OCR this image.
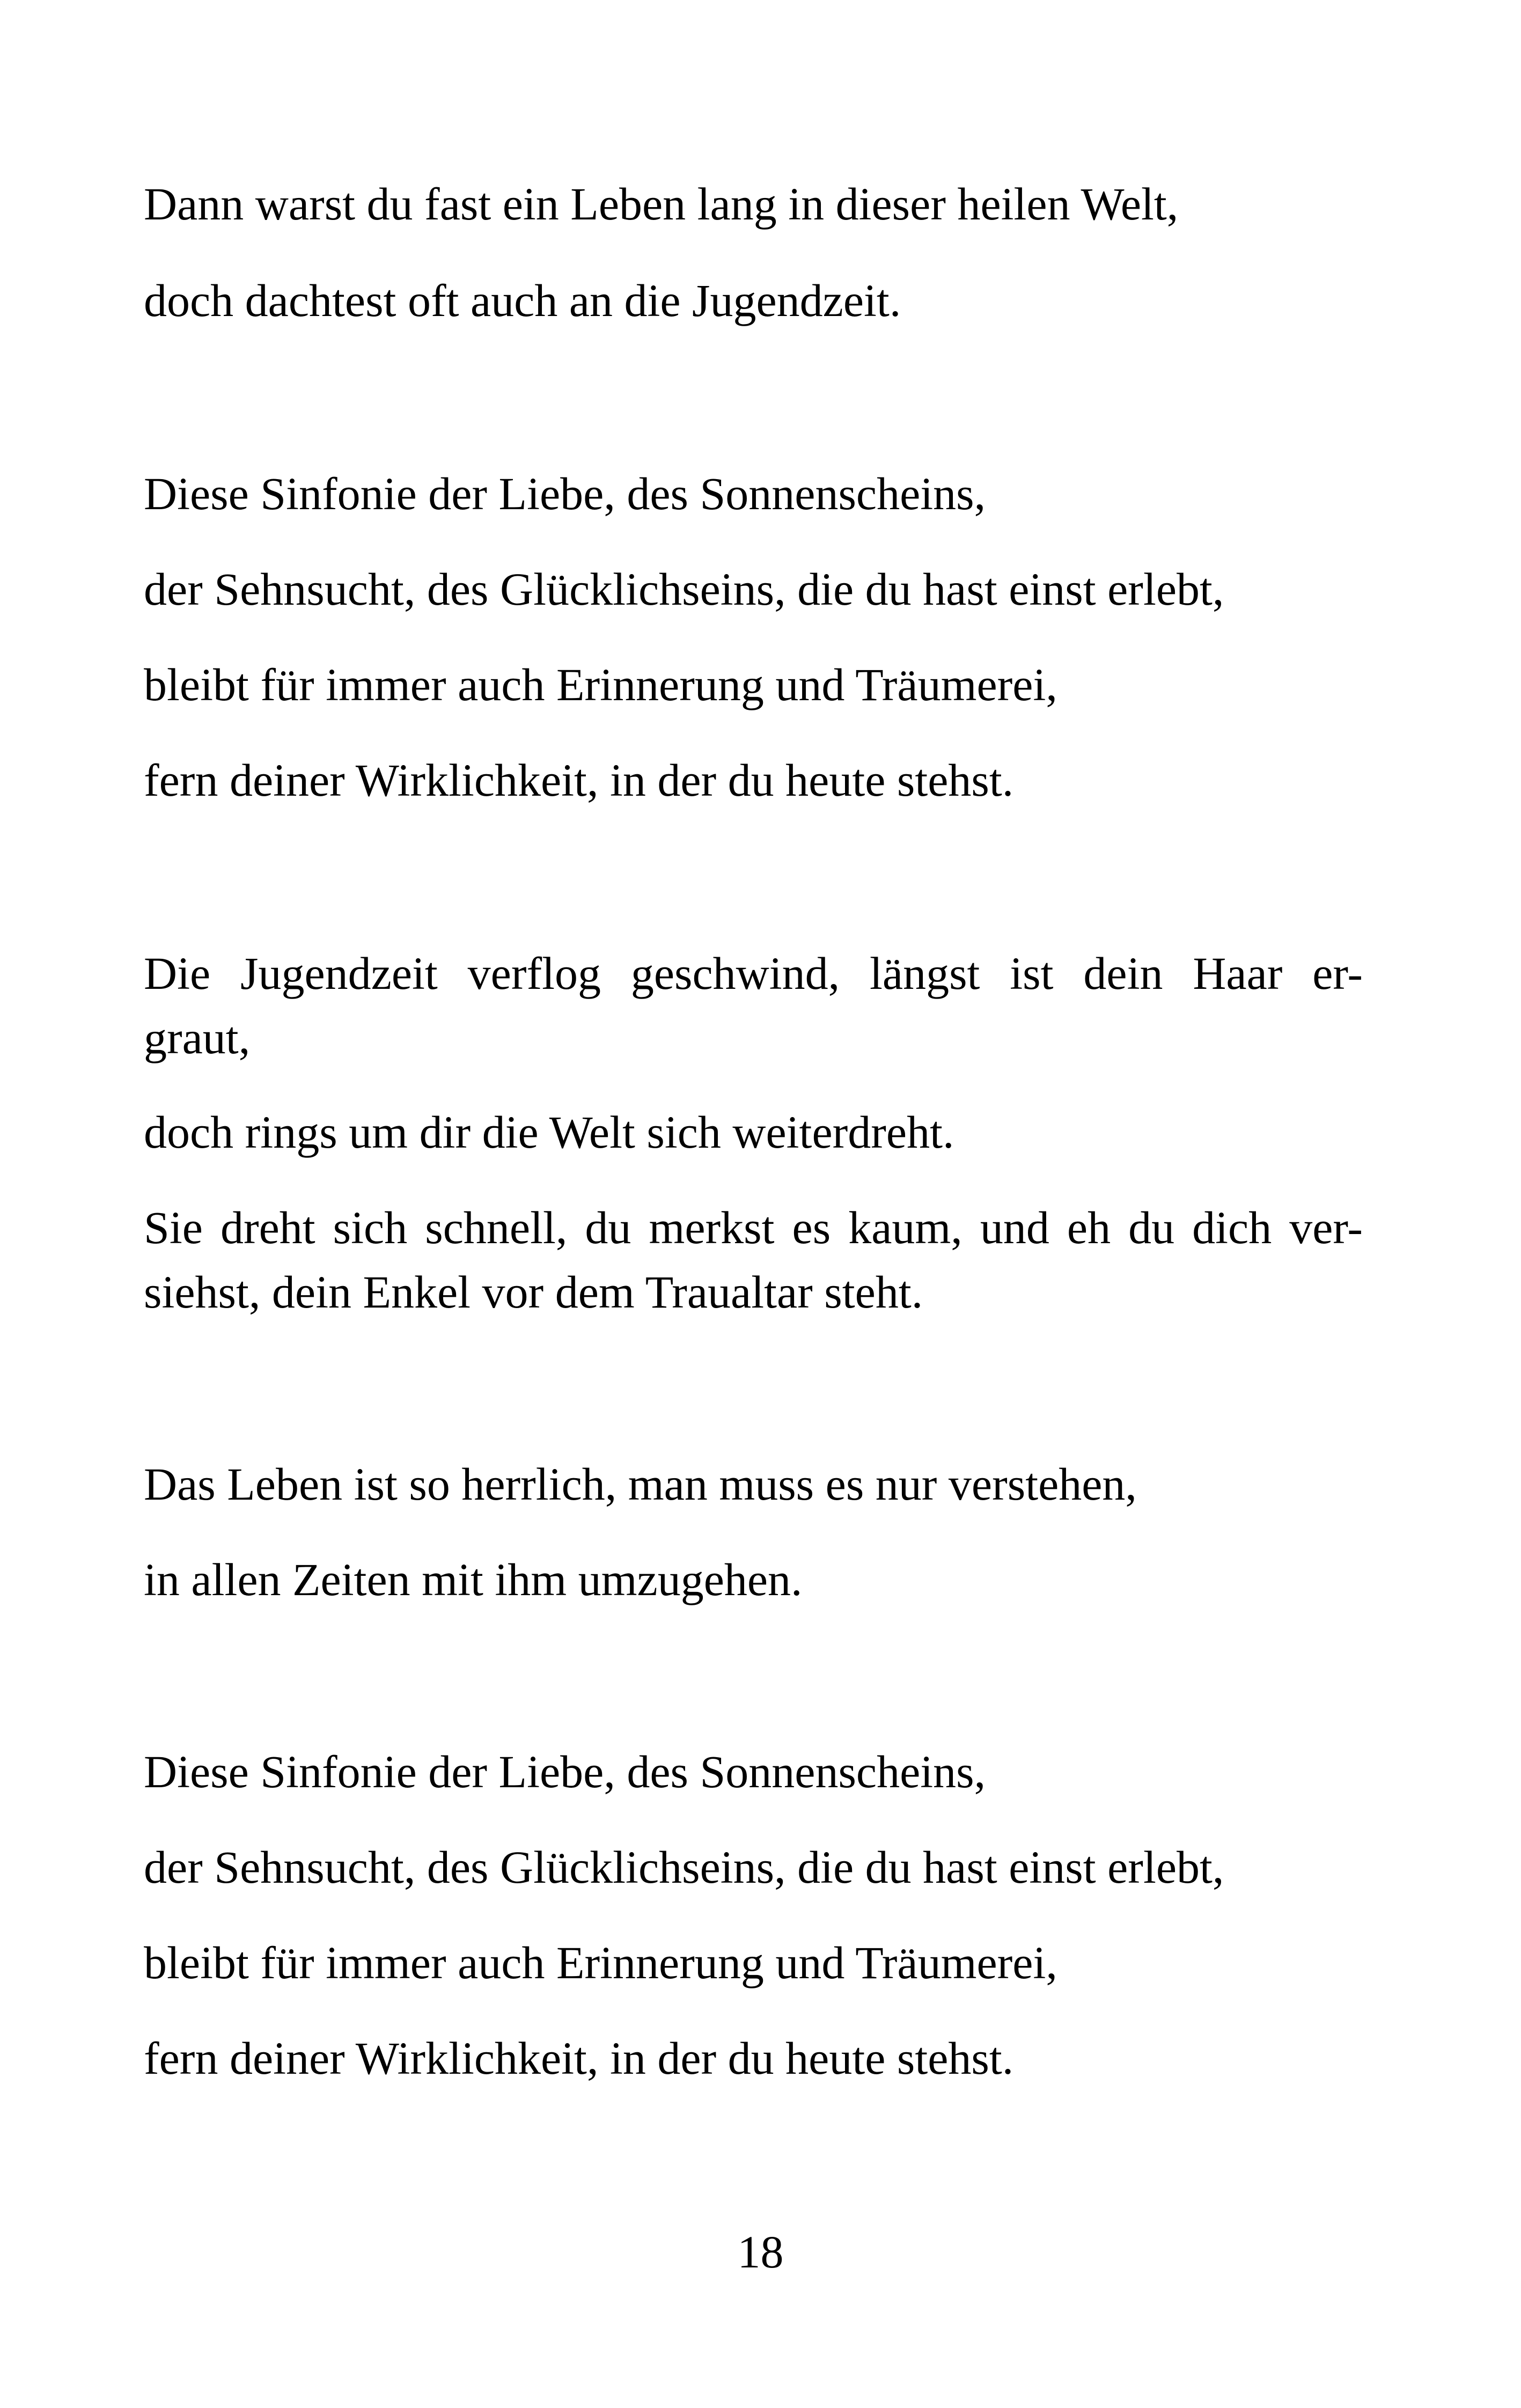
Dann warst du fast ein Leben lang in dieser heilen Welt,

doch dachtest oft auch an die Jugendzeit.

Diese Sinfonie der Liebe, des Sonnenscheins,

der Sehnsucht, des Glücklichseins, die du hast einst erlebt,

bleibt für immer auch Erinnerung und Träumerei,

fern deiner Wirklichkeit, in der du heute stehst.

Die Jugendzeit verflog geschwind, längst ist dein Haar er-

graut,

doch rings um dir die Welt sich weiterdreht.

Sie dreht sich schnell, du merkst es kaum, und eh du dich ver-

siehst, dein Enkel vor dem Traualtar steht.

Das Leben ist so herrlich, man muss es nur verstehen,

in allen Zeiten mit ihm umzugehen.

Diese Sinfonie der Liebe, des Sonnenscheins,

der Sehnsucht, des Glücklichseins, die du hast einst erlebt,

bleibt für immer auch Erinnerung und Träumerei,

fern deiner Wirklichkeit, in der du heute stehst.

18
